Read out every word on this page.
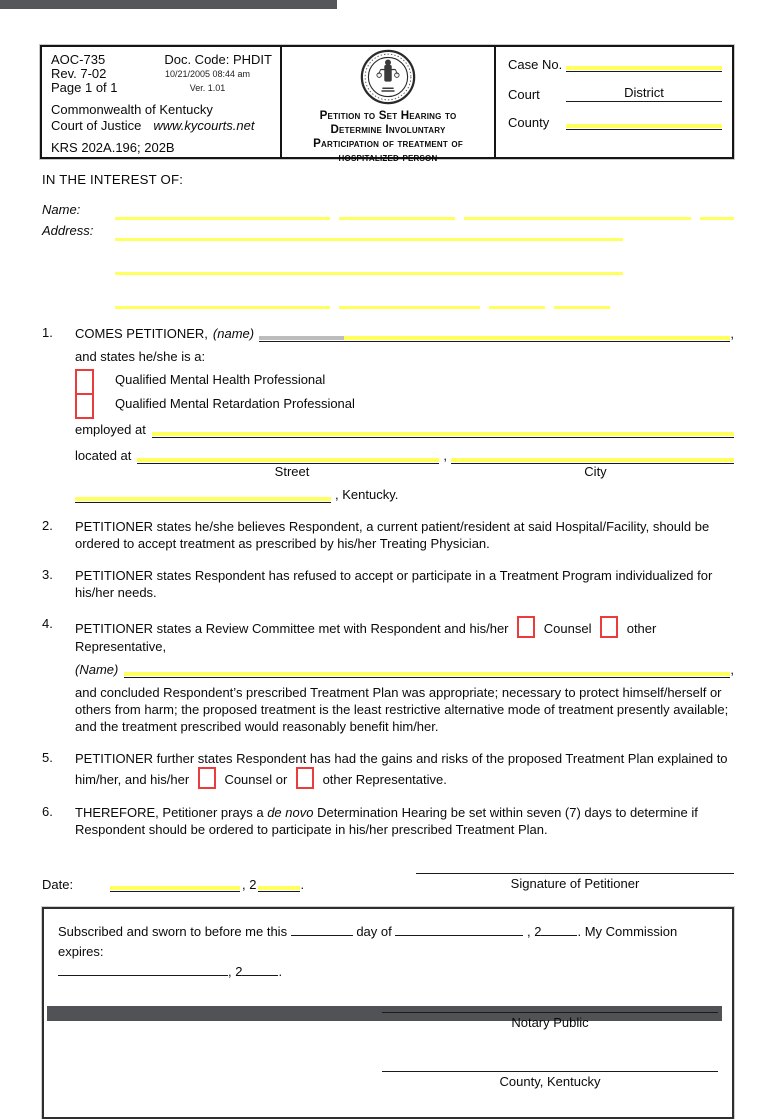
AOC-735	Doc. Code: PHDIT
Rev. 7-02	10/21/2005 08:44 am
Page 1 of 1	Ver. 1.01
Commonwealth of Kentucky
Court of Justice www.kycourts.net
KRS 202A.196; 202B
Petition to Set Hearing to
Determine Involuntary
Participation of treatment of
hospitalized person
Case No.
Court	District
County
IN THE INTEREST OF:
Name:
Address:
1.	COMES PETITIONER, (name)	,
and states he/she is a:
Qualified Mental Health Professional
Qualified Mental Retardation Professional
employed at
located at	,
Street	City
, Kentucky.
2.	PETITIONER states he/she believes Respondent, a current patient/resident at said Hospital/Facility, should be ordered to accept treatment as prescribed by his/her Treating Physician.
3.	PETITIONER states Respondent has refused to accept or participate in a Treatment Program individualized for his/her needs.
4.	PETITIONER states a Review Committee met with Respondent and his/her	Counsel	other Representative,
(Name)	,
and concluded Respondent’s prescribed Treatment Plan was appropriate; necessary to protect himself/herself or others from harm; the proposed treatment is the least restrictive alternative mode of treatment presently available; and the treatment prescribed would reasonably benefit him/her.
5.	PETITIONER further states Respondent has had the gains and risks of the proposed Treatment Plan explained to him/her, and his/her	Counsel or	other Representative.
6.	THEREFORE, Petitioner prays a de novo Determination Hearing be set within seven (7) days to determine if Respondent should be ordered to participate in his/her prescribed Treatment Plan.
Date:	, 2	.	Signature of Petitioner
Subscribed and sworn to before me this	day of	, 2	. My Commission expires:
, 2	.
Notary Public
County, Kentucky
